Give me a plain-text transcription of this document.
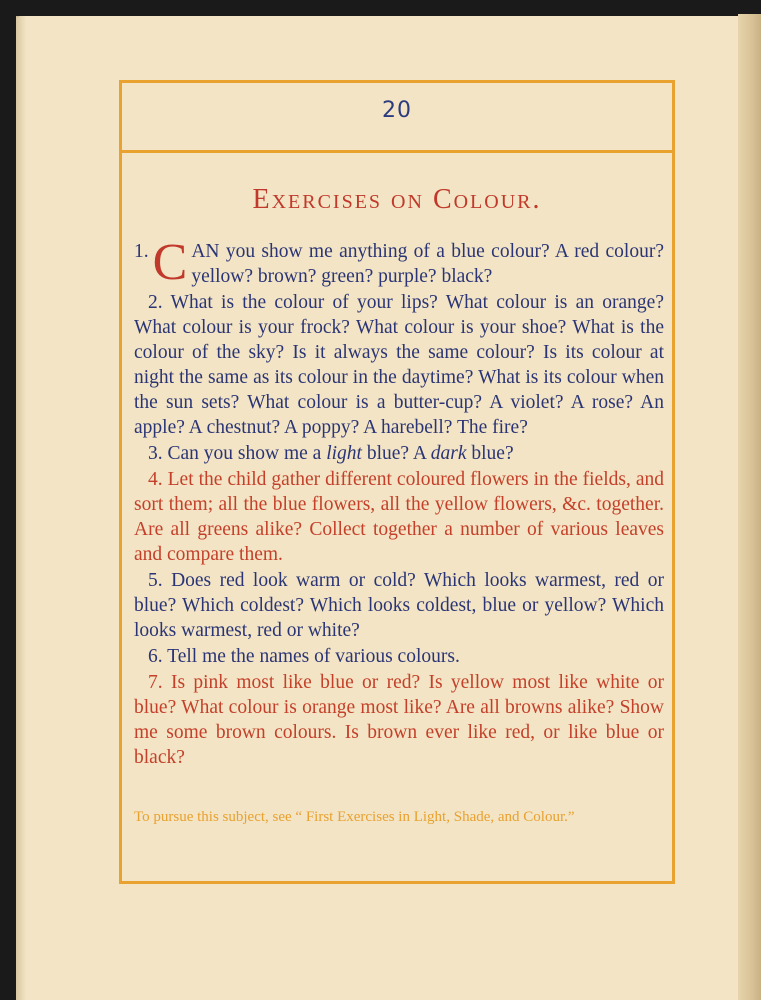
20
Exercises on Colour.
1. C AN you show me anything of a blue colour? A red colour? yellow? brown? green? purple? black?

2. What is the colour of your lips? What colour is an orange? What colour is your frock? What colour is your shoe? What is the colour of the sky? Is it always the same colour? Is its colour at night the same as its colour in the daytime? What is its colour when the sun sets? What colour is a butter-cup? A violet? A rose? An apple? A chestnut? A poppy? A harebell? The fire?

3. Can you show me a light blue? A dark blue?

4. Let the child gather different coloured flowers in the fields, and sort them; all the blue flowers, all the yellow flowers, &c. together. Are all greens alike? Collect together a number of various leaves and compare them.

5. Does red look warm or cold? Which looks warmest, red or blue? Which coldest? Which looks coldest, blue or yellow? Which looks warmest, red or white?

6. Tell me the names of various colours.

7. Is pink most like blue or red? Is yellow most like white or blue? What colour is orange most like? Are all browns alike? Show me some brown colours. Is brown ever like red, or like blue or black?

To pursue this subject, see “ First Exercises in Light, Shade, and Colour.”
